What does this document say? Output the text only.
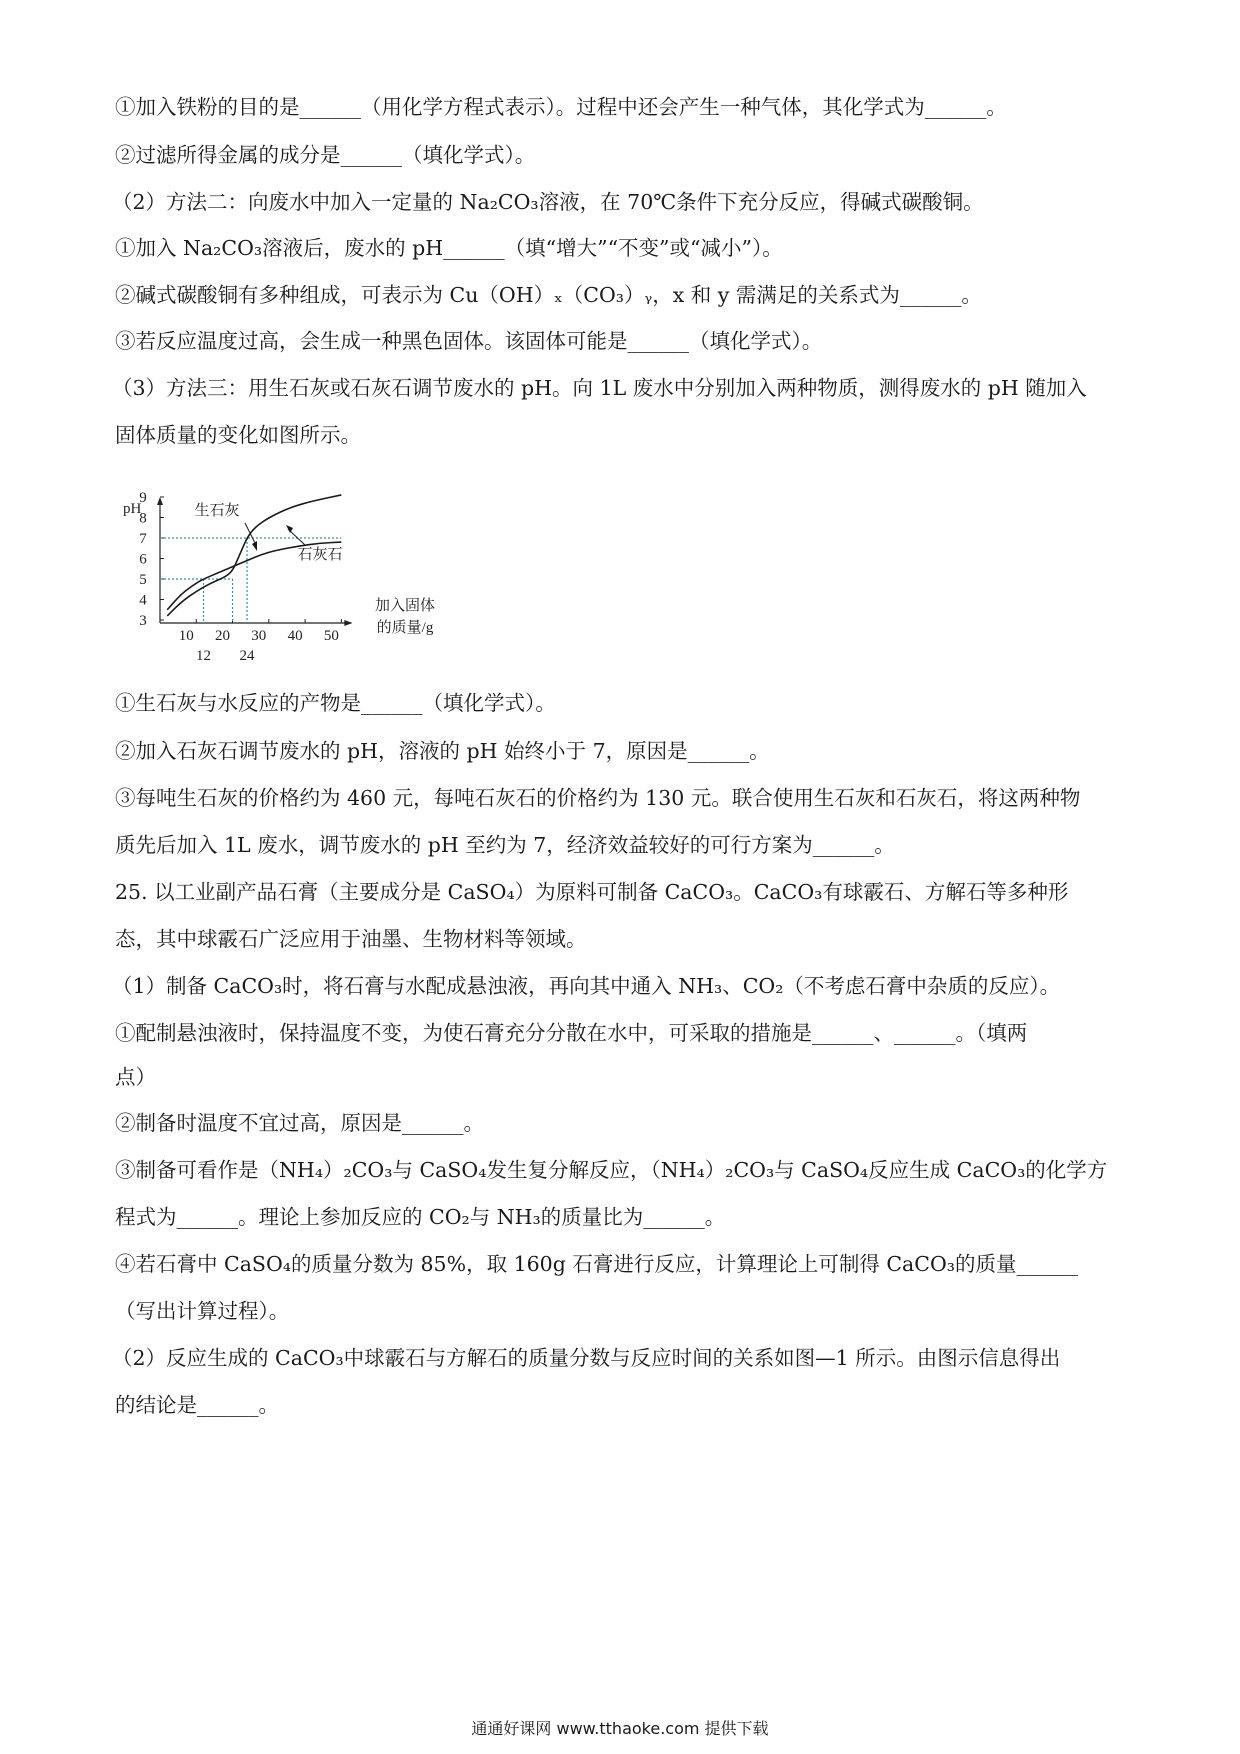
①加入铁粉的目的是______（用化学方程式表示）。过程中还会产生一种气体，其化学式为______。
②过滤所得金属的成分是______（填化学式）。
（2）方法二：向废水中加入一定量的 Na₂CO₃溶液，在 70℃条件下充分反应，得碱式碳酸铜。
①加入 Na₂CO₃溶液后，废水的 pH______（填“增大”“不变”或“减小”）。
②碱式碳酸铜有多种组成，可表示为 Cu（OH）ₓ（CO₃）ᵧ，x 和 y 需满足的关系式为______。
③若反应温度过高，会生成一种黑色固体。该固体可能是______（填化学式）。
（3）方法三：用生石灰或石灰石调节废水的 pH。向 1L 废水中分别加入两种物质，测得废水的 pH 随加入
固体质量的变化如图所示。
①生石灰与水反应的产物是______（填化学式）。
②加入石灰石调节废水的 pH，溶液的 pH 始终小于 7，原因是______。
③每吨生石灰的价格约为 460 元，每吨石灰石的价格约为 130 元。联合使用生石灰和石灰石，将这两种物
质先后加入 1L 废水，调节废水的 pH 至约为 7，经济效益较好的可行方案为______。
25. 以工业副产品石膏（主要成分是 CaSO₄）为原料可制备 CaCO₃。CaCO₃有球霰石、方解石等多种形
态，其中球霰石广泛应用于油墨、生物材料等领域。
（1）制备 CaCO₃时，将石膏与水配成悬浊液，再向其中通入 NH₃、CO₂（不考虑石膏中杂质的反应）。
①配制悬浊液时，保持温度不变，为使石膏充分分散在水中，可采取的措施是______、______。（填两
点）
②制备时温度不宜过高，原因是______。
③制备可看作是（NH₄）₂CO₃与 CaSO₄发生复分解反应，（NH₄）₂CO₃与 CaSO₄反应生成 CaCO₃的化学方
程式为______。理论上参加反应的 CO₂与 NH₃的质量比为______。
④若石膏中 CaSO₄的质量分数为 85%，取 160g 石膏进行反应，计算理论上可制得 CaCO₃的质量______
（写出计算过程）。
（2）反应生成的 CaCO₃中球霰石与方解石的质量分数与反应时间的关系如图—1 所示。由图示信息得出
的结论是______。
pH
3
4
5
6
7
8
9
10 20 30 40 50
12 24
加入固体
的质量/g
生石灰
石灰石
通通好课网 www.tthaoke.com 提供下载
